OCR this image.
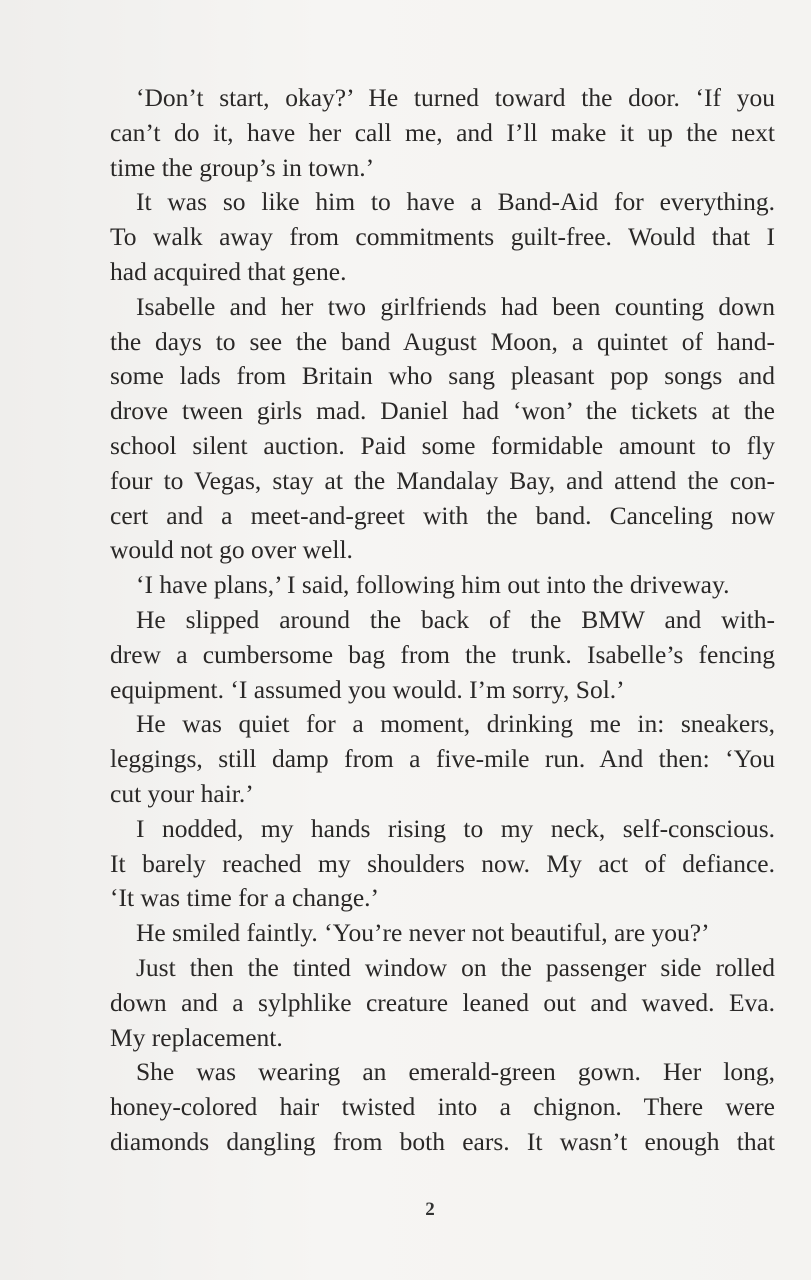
‘Don’t start, okay?’ He turned toward the door. ‘If you
can’t do it, have her call me, and I’ll make it up the next
time the group’s in town.’
It was so like him to have a Band-Aid for everything.
To walk away from commitments guilt-free. Would that I
had acquired that gene.
Isabelle and her two girlfriends had been counting down
the days to see the band August Moon, a quintet of hand-
some lads from Britain who sang pleasant pop songs and
drove tween girls mad. Daniel had ‘won’ the tickets at the
school silent auction. Paid some formidable amount to fly
four to Vegas, stay at the Mandalay Bay, and attend the con-
cert and a meet-and-greet with the band. Canceling now
would not go over well.
‘I have plans,’ I said, following him out into the driveway.
He slipped around the back of the BMW and with-
drew a cumbersome bag from the trunk. Isabelle’s fencing
equipment. ‘I assumed you would. I’m sorry, Sol.’
He was quiet for a moment, drinking me in: sneakers,
leggings, still damp from a five-mile run. And then: ‘You
cut your hair.’
I nodded, my hands rising to my neck, self-conscious.
It barely reached my shoulders now. My act of defiance.
‘It was time for a change.’
He smiled faintly. ‘You’re never not beautiful, are you?’
Just then the tinted window on the passenger side rolled
down and a sylphlike creature leaned out and waved. Eva.
My replacement.
She was wearing an emerald-green gown. Her long,
honey-colored hair twisted into a chignon. There were
diamonds dangling from both ears. It wasn’t enough that
2
